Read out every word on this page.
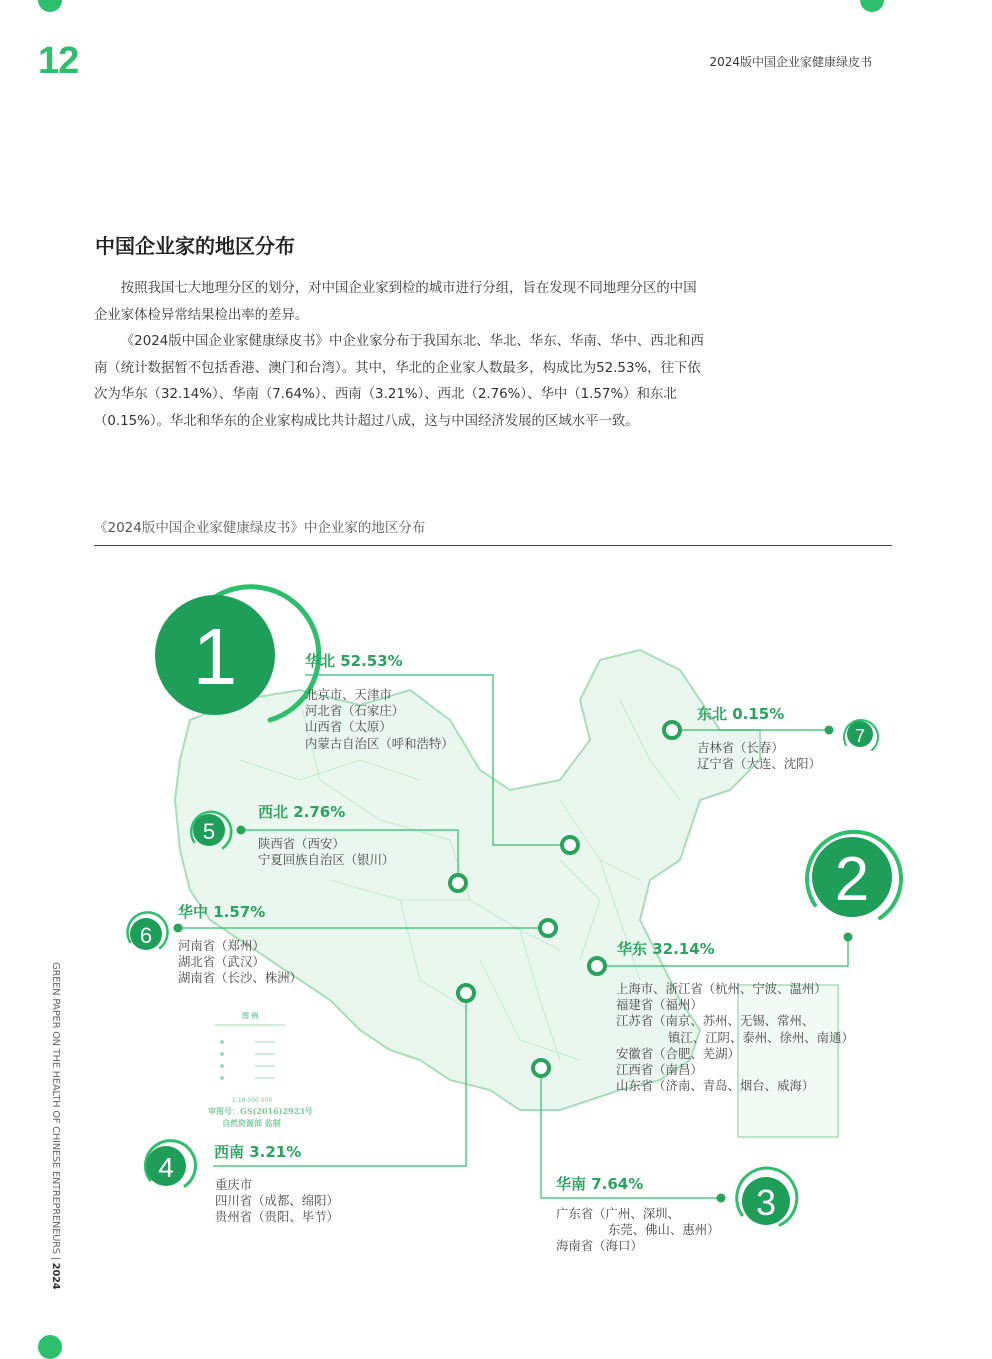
12	2024版中国企业家健康绿皮书
中国企业家的地区分布

按照我国七大地理分区的划分，对中国企业家到检的城市进行分组，旨在发现不同地理分区的中国企业家体检异常结果检出率的差异。

《2024版中国企业家健康绿皮书》中企业家分布于我国东北、华北、华东、华南、华中、西北和西南（统计数据暂不包括香港、澳门和台湾）。其中，华北的企业家人数最多，构成比为52.53%，往下依次为华东（32.14%）、华南（7.64%）、西南（3.21%）、西北（2.76%）、华中（1.57%）和东北（0.15%）。华北和华东的企业家构成比共计超过八成，这与中国经济发展的区域水平一致。

《2024版中国企业家健康绿皮书》中企业家的地区分布
图 例
1:18 000 000
审图号：GS(2016)2923号
自然资源部 监制
1
2
3
4
5
6
7
华北 52.53%
北京市、天津市
河北省（石家庄）
山西省（太原）
内蒙古自治区（呼和浩特）
东北 0.15%
吉林省（长春）
辽宁省（大连、沈阳）
西北 2.76%
陕西省（西安）
宁夏回族自治区（银川）
华中 1.57%
河南省（郑州）
湖北省（武汉）
湖南省（长沙、株洲）
华东 32.14%
上海市、浙江省（杭州、宁波、温州）
福建省（福州）
江苏省（南京、苏州、无锡、常州、
镇江、江阴、泰州、徐州、南通）
安徽省（合肥、芜湖）
江西省（南昌）
山东省（济南、青岛、烟台、威海）
西南 3.21%
重庆市
四川省（成都、绵阳）
贵州省（贵阳、毕节）
华南 7.64%
广东省（广州、深圳、
东莞、佛山、惠州）
海南省（海口）
GREEN PAPER ON THE HEALTH OF CHINESE ENTREPRENEURS | 2024
